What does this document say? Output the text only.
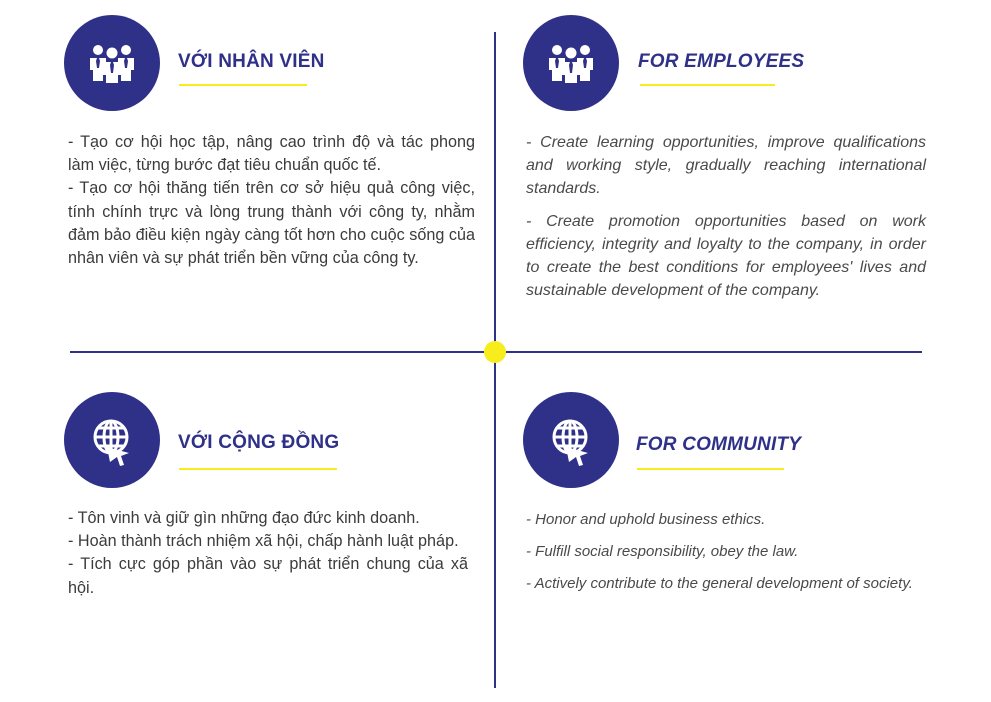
VỚI NHÂN VIÊN

- Tạo cơ hội học tập, nâng cao trình độ và tác phong làm việc, từng bước đạt tiêu chuẩn quốc tế.

- Tạo cơ hội thăng tiến trên cơ sở hiệu quả công việc, tính chính trực và lòng trung thành với công ty, nhằm đảm bảo điều kiện ngày càng tốt hơn cho cuộc sống của nhân viên và sự phát triển bền vững của công ty.

FOR EMPLOYEES

- Create learning opportunities, improve qualifications and working style, gradually reaching international standards.

- Create promotion opportunities based on work efficiency, integrity and loyalty to the company, in order to create the best conditions for employees' lives and sustainable development of the company.

VỚI CỘNG ĐỒNG

- Tôn vinh và giữ gìn những đạo đức kinh doanh.

- Hoàn thành trách nhiệm xã hội, chấp hành luật pháp.

- Tích cực góp phần vào sự phát triển chung của xã hội.

FOR COMMUNITY

- Honor and uphold business ethics.

- Fulfill social responsibility, obey the law.

- Actively contribute to the general development of society.
